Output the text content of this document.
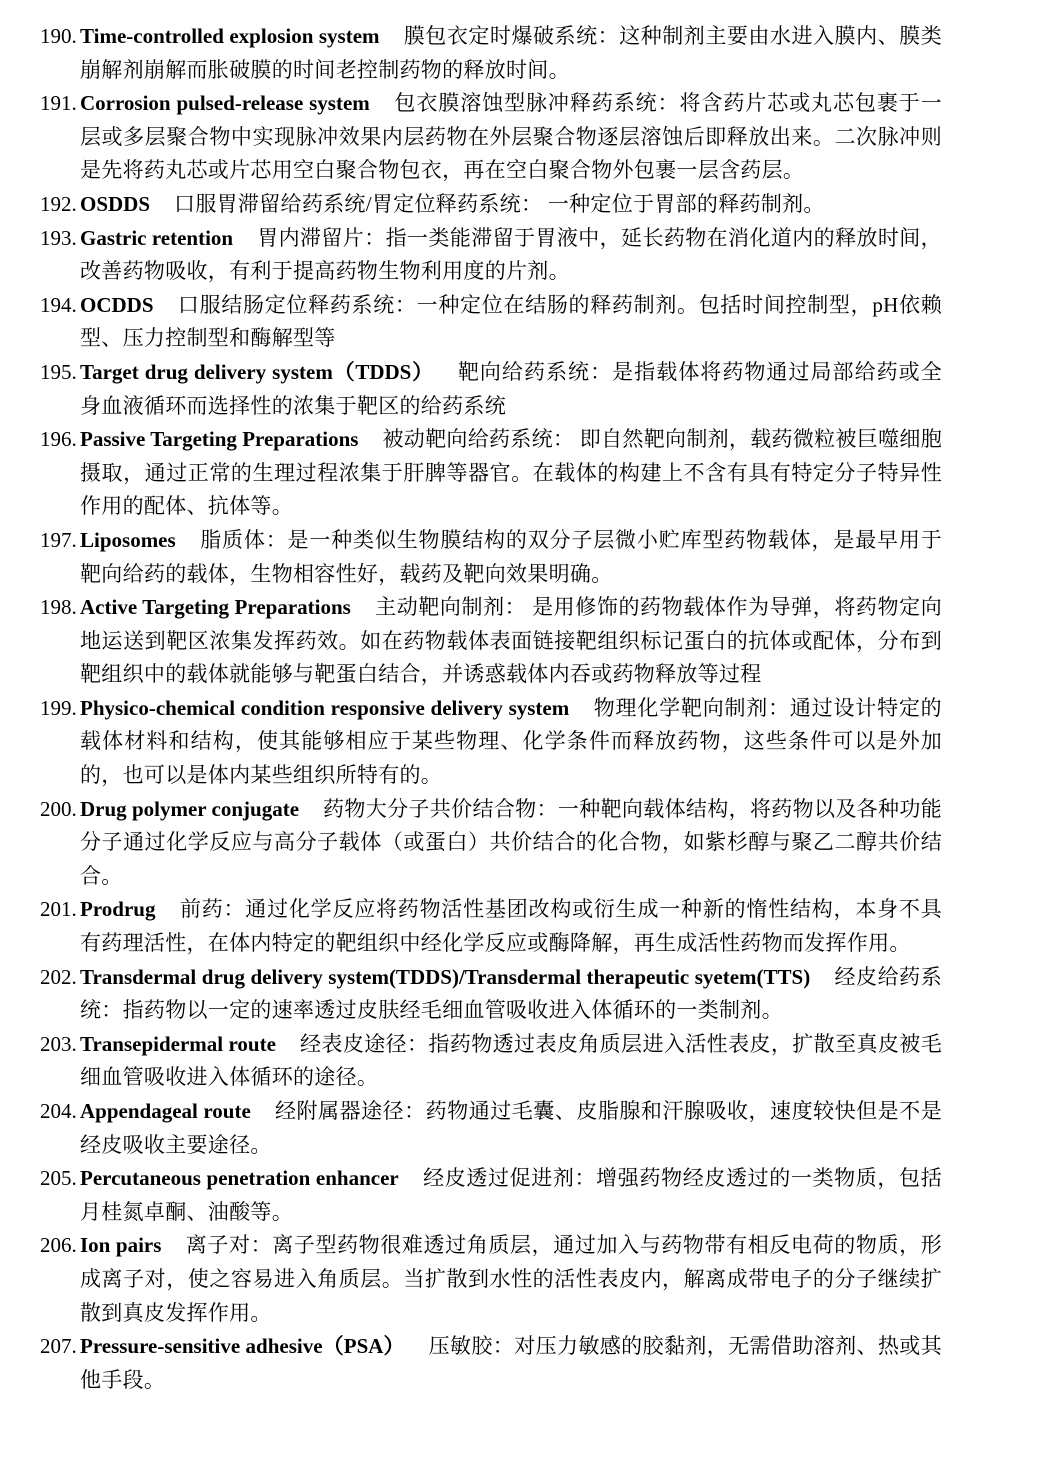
190. Time-controlled explosion system 膜包衣定时爆破系统：这种制剂主要由水进入膜内、膜类崩解剂崩解而胀破膜的时间老控制药物的释放时间。
191. Corrosion pulsed-release system 包衣膜溶蚀型脉冲释药系统：将含药片芯或丸芯包裹于一层或多层聚合物中实现脉冲效果内层药物在外层聚合物逐层溶蚀后即释放出来。二次脉冲则是先将药丸芯或片芯用空白聚合物包衣，再在空白聚合物外包裹一层含药层。
192. OSDDS 口服胃滞留给药系统/胃定位释药系统： 一种定位于胃部的释药制剂。
193. Gastric retention 胃内滞留片：指一类能滞留于胃液中，延长药物在消化道内的释放时间，改善药物吸收，有利于提高药物生物利用度的片剂。
194. OCDDS 口服结肠定位释药系统：一种定位在结肠的释药制剂。包括时间控制型，pH依赖型、压力控制型和酶解型等
195. Target drug delivery system（TDDS） 靶向给药系统：是指载体将药物通过局部给药或全身血液循环而选择性的浓集于靶区的给药系统
196. Passive Targeting Preparations 被动靶向给药系统： 即自然靶向制剂，载药微粒被巨噬细胞摄取，通过正常的生理过程浓集于肝脾等器官。在载体的构建上不含有具有特定分子特异性作用的配体、抗体等。
197. Liposomes 脂质体：是一种类似生物膜结构的双分子层微小贮库型药物载体，是最早用于靶向给药的载体，生物相容性好，载药及靶向效果明确。
198. Active Targeting Preparations 主动靶向制剂： 是用修饰的药物载体作为导弹，将药物定向地运送到靶区浓集发挥药效。如在药物载体表面链接靶组织标记蛋白的抗体或配体，分布到靶组织中的载体就能够与靶蛋白结合，并诱惑载体内吞或药物释放等过程
199. Physico-chemical condition responsive delivery system 物理化学靶向制剂：通过设计特定的载体材料和结构，使其能够相应于某些物理、化学条件而释放药物，这些条件可以是外加的，也可以是体内某些组织所特有的。
200. Drug polymer conjugate 药物大分子共价结合物：一种靶向载体结构，将药物以及各种功能分子通过化学反应与高分子载体（或蛋白）共价结合的化合物，如紫杉醇与聚乙二醇共价结合。
201. Prodrug 前药：通过化学反应将药物活性基团改构或衍生成一种新的惰性结构，本身不具有药理活性，在体内特定的靶组织中经化学反应或酶降解，再生成活性药物而发挥作用。
202. Transdermal drug delivery system(TDDS)/Transdermal therapeutic syetem(TTS) 经皮给药系统：指药物以一定的速率透过皮肤经毛细血管吸收进入体循环的一类制剂。
203. Transepidermal route 经表皮途径：指药物透过表皮角质层进入活性表皮，扩散至真皮被毛细血管吸收进入体循环的途径。
204. Appendageal route 经附属器途径：药物通过毛囊、皮脂腺和汗腺吸收，速度较快但是不是经皮吸收主要途径。
205. Percutaneous penetration enhancer 经皮透过促进剂：增强药物经皮透过的一类物质，包括月桂氮卓酮、油酸等。
206. Ion pairs 离子对：离子型药物很难透过角质层，通过加入与药物带有相反电荷的物质，形成离子对，使之容易进入角质层。当扩散到水性的活性表皮内，解离成带电子的分子继续扩散到真皮发挥作用。
207. Pressure-sensitive adhesive（PSA） 压敏胶：对压力敏感的胶黏剂，无需借助溶剂、热或其他手段。
